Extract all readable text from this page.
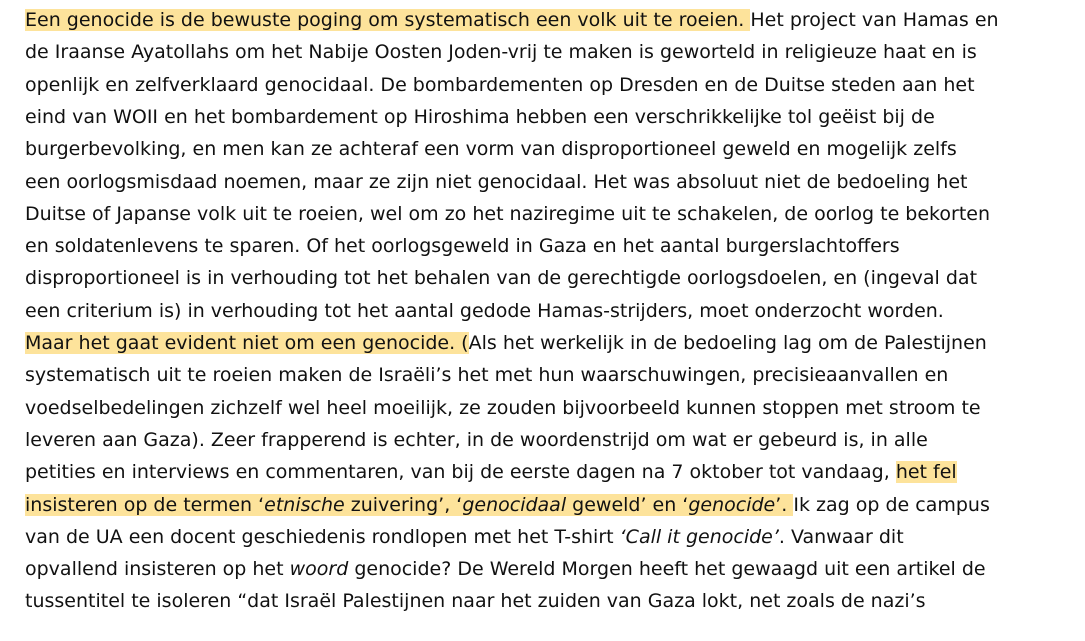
Een genocide is de bewuste poging om systematisch een volk uit te roeien. Het project van Hamas en
de Iraanse Ayatollahs om het Nabije Oosten Joden-vrij te maken is geworteld in religieuze haat en is
openlijk en zelfverklaard genocidaal. De bombardementen op Dresden en de Duitse steden aan het
eind van WOII en het bombardement op Hiroshima hebben een verschrikkelijke tol geëist bij de
burgerbevolking, en men kan ze achteraf een vorm van disproportioneel geweld en mogelijk zelfs
een oorlogsmisdaad noemen, maar ze zijn niet genocidaal. Het was absoluut niet de bedoeling het
Duitse of Japanse volk uit te roeien, wel om zo het naziregime uit te schakelen, de oorlog te bekorten
en soldatenlevens te sparen. Of het oorlogsgeweld in Gaza en het aantal burgerslachtoffers
disproportioneel is in verhouding tot het behalen van de gerechtigde oorlogsdoelen, en (ingeval dat
een criterium is) in verhouding tot het aantal gedode Hamas-strijders, moet onderzocht worden.
Maar het gaat evident niet om een genocide. (Als het werkelijk in de bedoeling lag om de Palestijnen
systematisch uit te roeien maken de Israëli’s het met hun waarschuwingen, precisieaanvallen en
voedselbedelingen zichzelf wel heel moeilijk, ze zouden bijvoorbeeld kunnen stoppen met stroom te
leveren aan Gaza). Zeer frapperend is echter, in de woordenstrijd om wat er gebeurd is, in alle
petities en interviews en commentaren, van bij de eerste dagen na 7 oktober tot vandaag, het fel
insisteren op de termen ‘etnische zuivering’, ‘genocidaal geweld’ en ‘genocide’. Ik zag op de campus
van de UA een docent geschiedenis rondlopen met het T-shirt ‘Call it genocide’. Vanwaar dit
opvallend insisteren op het woord genocide? De Wereld Morgen heeft het gewaagd uit een artikel de
tussentitel te isoleren “dat Israël Palestijnen naar het zuiden van Gaza lokt, net zoals de nazi’s
